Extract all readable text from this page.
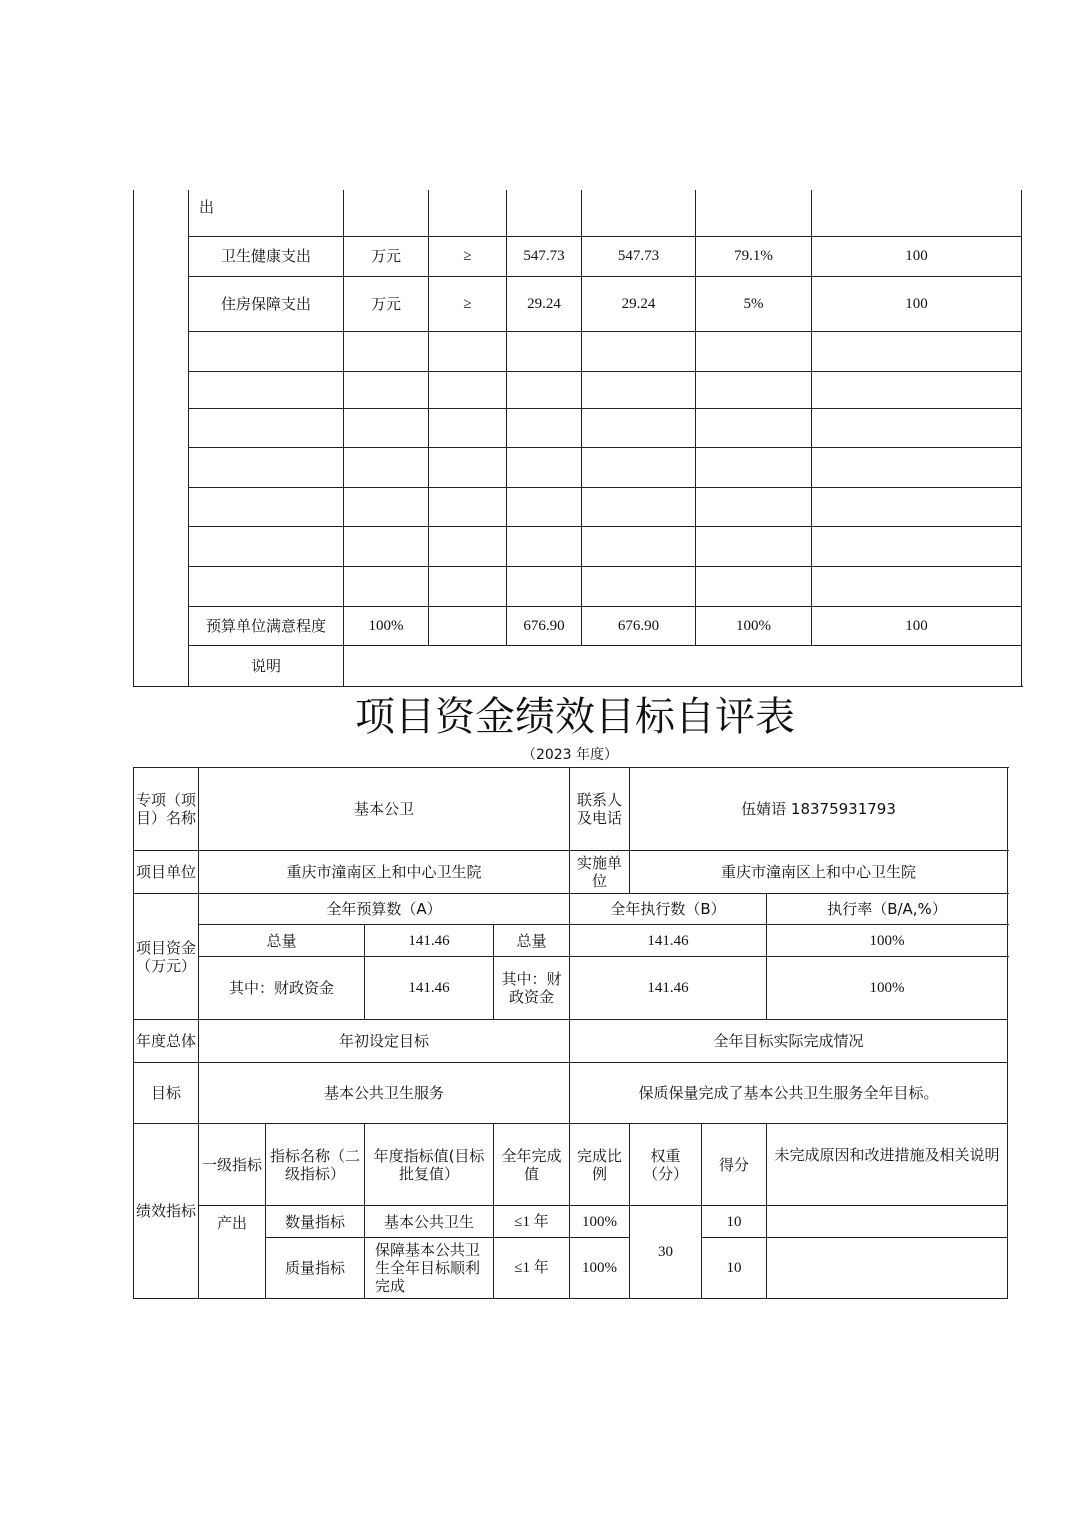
	出						
	卫生健康支出	万元	≥	547.73	547.73	79.1%	100
	住房保障支出	万元	≥	29.24	29.24	5%	100

	预算单位满意程度	100%		676.90	676.90	100%	100
	说明						
项目资金绩效目标自评表
（2023 年度）
专项（项目）名称	基本公卫				联系人及电话	伍婧语 18375931793		
项目单位	重庆市潼南区上和中心卫生院				实施单位	重庆市潼南区上和中心卫生院		
项目资金（万元）	全年预算数（A）				全年执行数（B）			执行率（B/A,%）
	总量		141.46	总量	141.46			100%
	其中：财政资金		141.46	其中：财政资金	141.46			100%
年度总体	年初设定目标				全年目标实际完成情况			
目标	基本公共卫生服务				保质保量完成了基本公共卫生服务全年目标。			
绩效指标	一级指标	指标名称（二级指标）	年度指标值(目标批复值）	全年完成值	完成比例	权重（分）	得分	未完成原因和改进措施及相关说明
	产出	数量指标	基本公共卫生	≤1 年	100%	30	10	
		质量指标	保障基本公共卫生全年目标顺利完成	≤1 年	100%		10	
